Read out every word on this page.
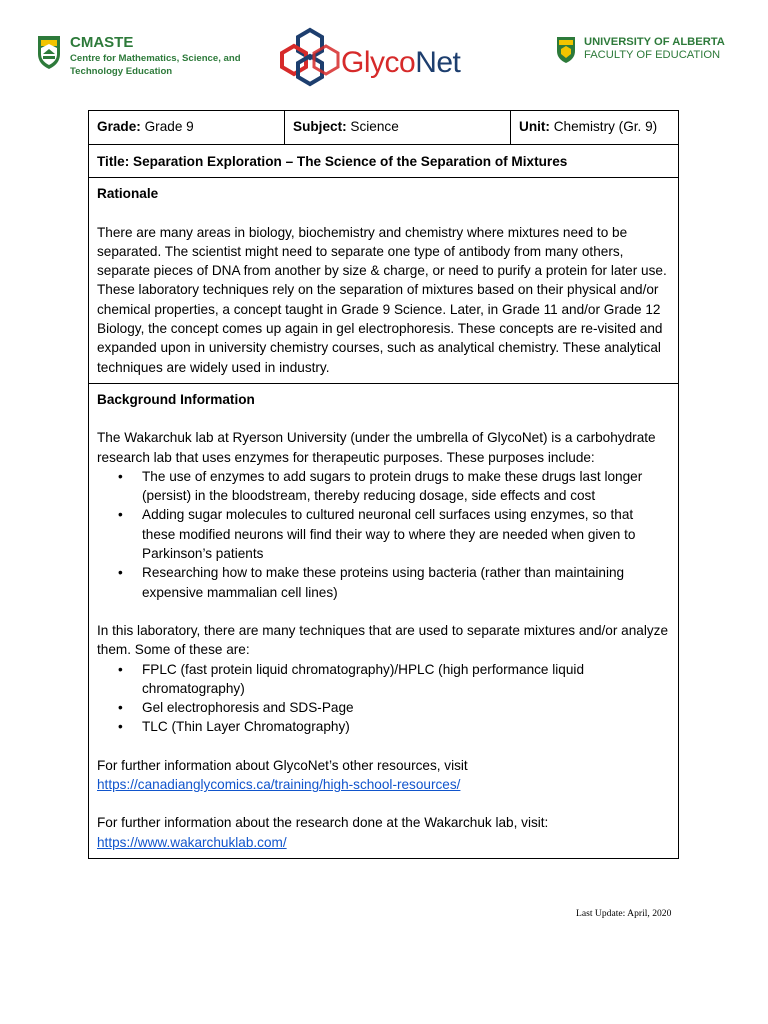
CMASTE
Centre for Mathematics, Science, and
Technology Education	GlycoNet
UNIVERSITY OF ALBERTA
FACULTY OF EDUCATION
Grade: Grade 9	Subject: Science	Unit: Chemistry (Gr. 9)
Title: Separation Exploration – The Science of the Separation of Mixtures

Rationale

There are many areas in biology, biochemistry and chemistry where mixtures need to be separated. The scientist might need to separate one type of antibody from many others, separate pieces of DNA from another by size & charge, or need to purify a protein for later use. These laboratory techniques rely on the separation of mixtures based on their physical and/or chemical properties, a concept taught in Grade 9 Science. Later, in Grade 11 and/or Grade 12 Biology, the concept comes up again in gel electrophoresis. These concepts are re-visited and expanded upon in university chemistry courses, such as analytical chemistry. These analytical techniques are widely used in industry.

Background Information

The Wakarchuk lab at Ryerson University (under the umbrella of GlycoNet) is a carbohydrate research lab that uses enzymes for therapeutic purposes. These purposes include:

• The use of enzymes to add sugars to protein drugs to make these drugs last longer (persist) in the bloodstream, thereby reducing dosage, side effects and cost
• Adding sugar molecules to cultured neuronal cell surfaces using enzymes, so that these modified neurons will find their way to where they are needed when given to Parkinson’s patients
• Researching how to make these proteins using bacteria (rather than maintaining expensive mammalian cell lines)

In this laboratory, there are many techniques that are used to separate mixtures and/or analyze them. Some of these are:

• FPLC (fast protein liquid chromatography)/HPLC (high performance liquid chromatography)
• Gel electrophoresis and SDS-Page
• TLC (Thin Layer Chromatography)

For further information about GlycoNet’s other resources, visit

https://canadianglycomics.ca/training/high-school-resources/

For further information about the research done at the Wakarchuk lab, visit:

https://www.wakarchuklab.com/

Last Update: April, 2020
